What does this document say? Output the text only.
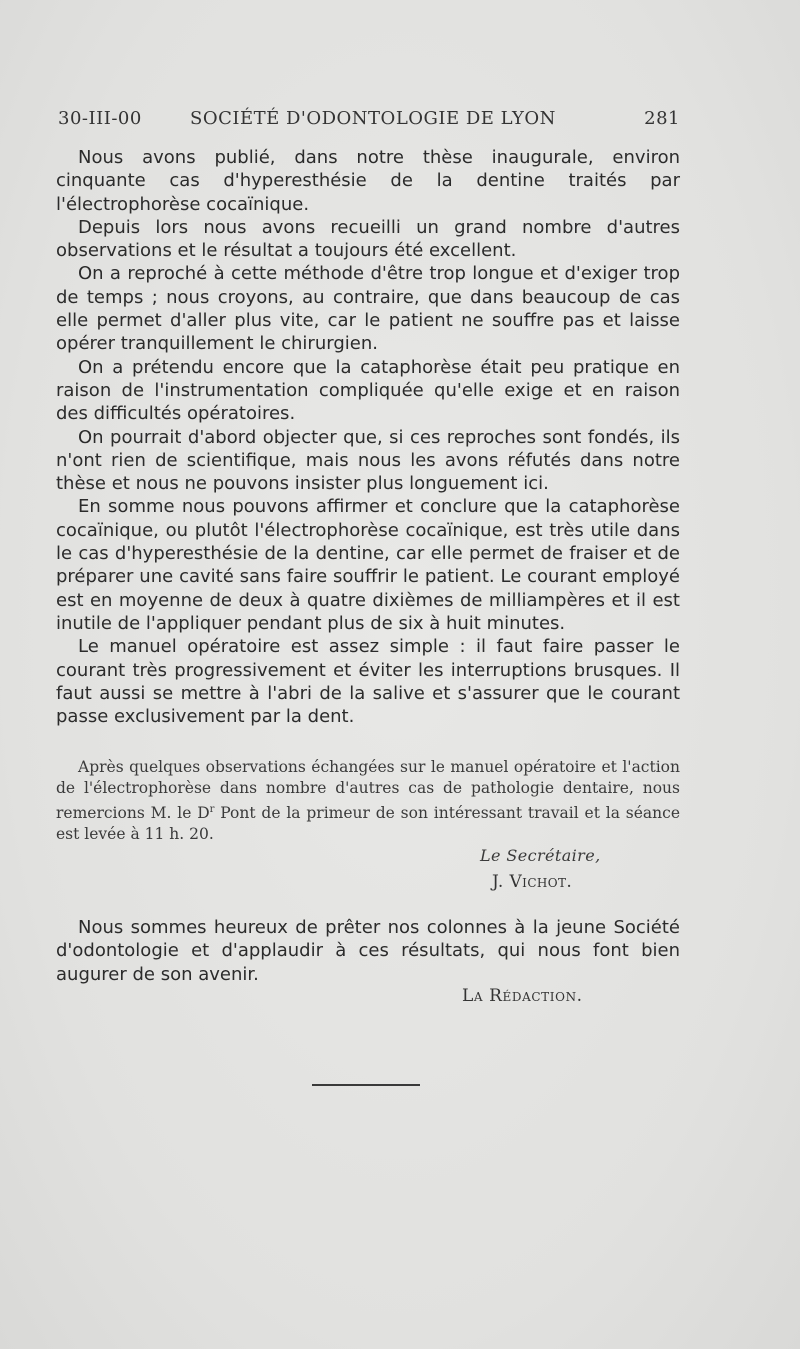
30-III-00	SOCIÉTÉ D'ODONTOLOGIE DE LYON	281

Nous avons publié, dans notre thèse inaugurale, environ cinquante cas d'hyperesthésie de la dentine traités par l'électrophorèse cocaïnique.

Depuis lors nous avons recueilli un grand nombre d'autres observations et le résultat a toujours été excellent.

On a reproché à cette méthode d'être trop longue et d'exiger trop de temps ; nous croyons, au contraire, que dans beaucoup de cas elle permet d'aller plus vite, car le patient ne souffre pas et laisse opérer tranquillement le chirurgien.

On a prétendu encore que la cataphorèse était peu pratique en raison de l'instrumentation compliquée qu'elle exige et en raison des difficultés opératoires.

On pourrait d'abord objecter que, si ces reproches sont fondés, ils n'ont rien de scientifique, mais nous les avons réfutés dans notre thèse et nous ne pouvons insister plus longuement ici.

En somme nous pouvons affirmer et conclure que la cataphorèse cocaïnique, ou plutôt l'électrophorèse cocaïnique, est très utile dans le cas d'hyperesthésie de la dentine, car elle permet de fraiser et de préparer une cavité sans faire souffrir le patient. Le courant employé est en moyenne de deux à quatre dixièmes de milliampères et il est inutile de l'appliquer pendant plus de six à huit minutes.

Le manuel opératoire est assez simple : il faut faire passer le courant très progressivement et éviter les interruptions brusques. Il faut aussi se mettre à l'abri de la salive et s'assurer que le courant passe exclusivement par la dent.

Après quelques observations échangées sur le manuel opératoire et l'action de l'électrophorèse dans nombre d'autres cas de pathologie dentaire, nous remercions M. le $D^r$ Pont de la primeur de son intéressant travail et la séance est levée à 11 h. 20.

Le Secrétaire,
J. Vichot.

Nous sommes heureux de prêter nos colonnes à la jeune Société d'odontologie et d'applaudir à ces résultats, qui nous font bien augurer de son avenir.

La Rédaction.
